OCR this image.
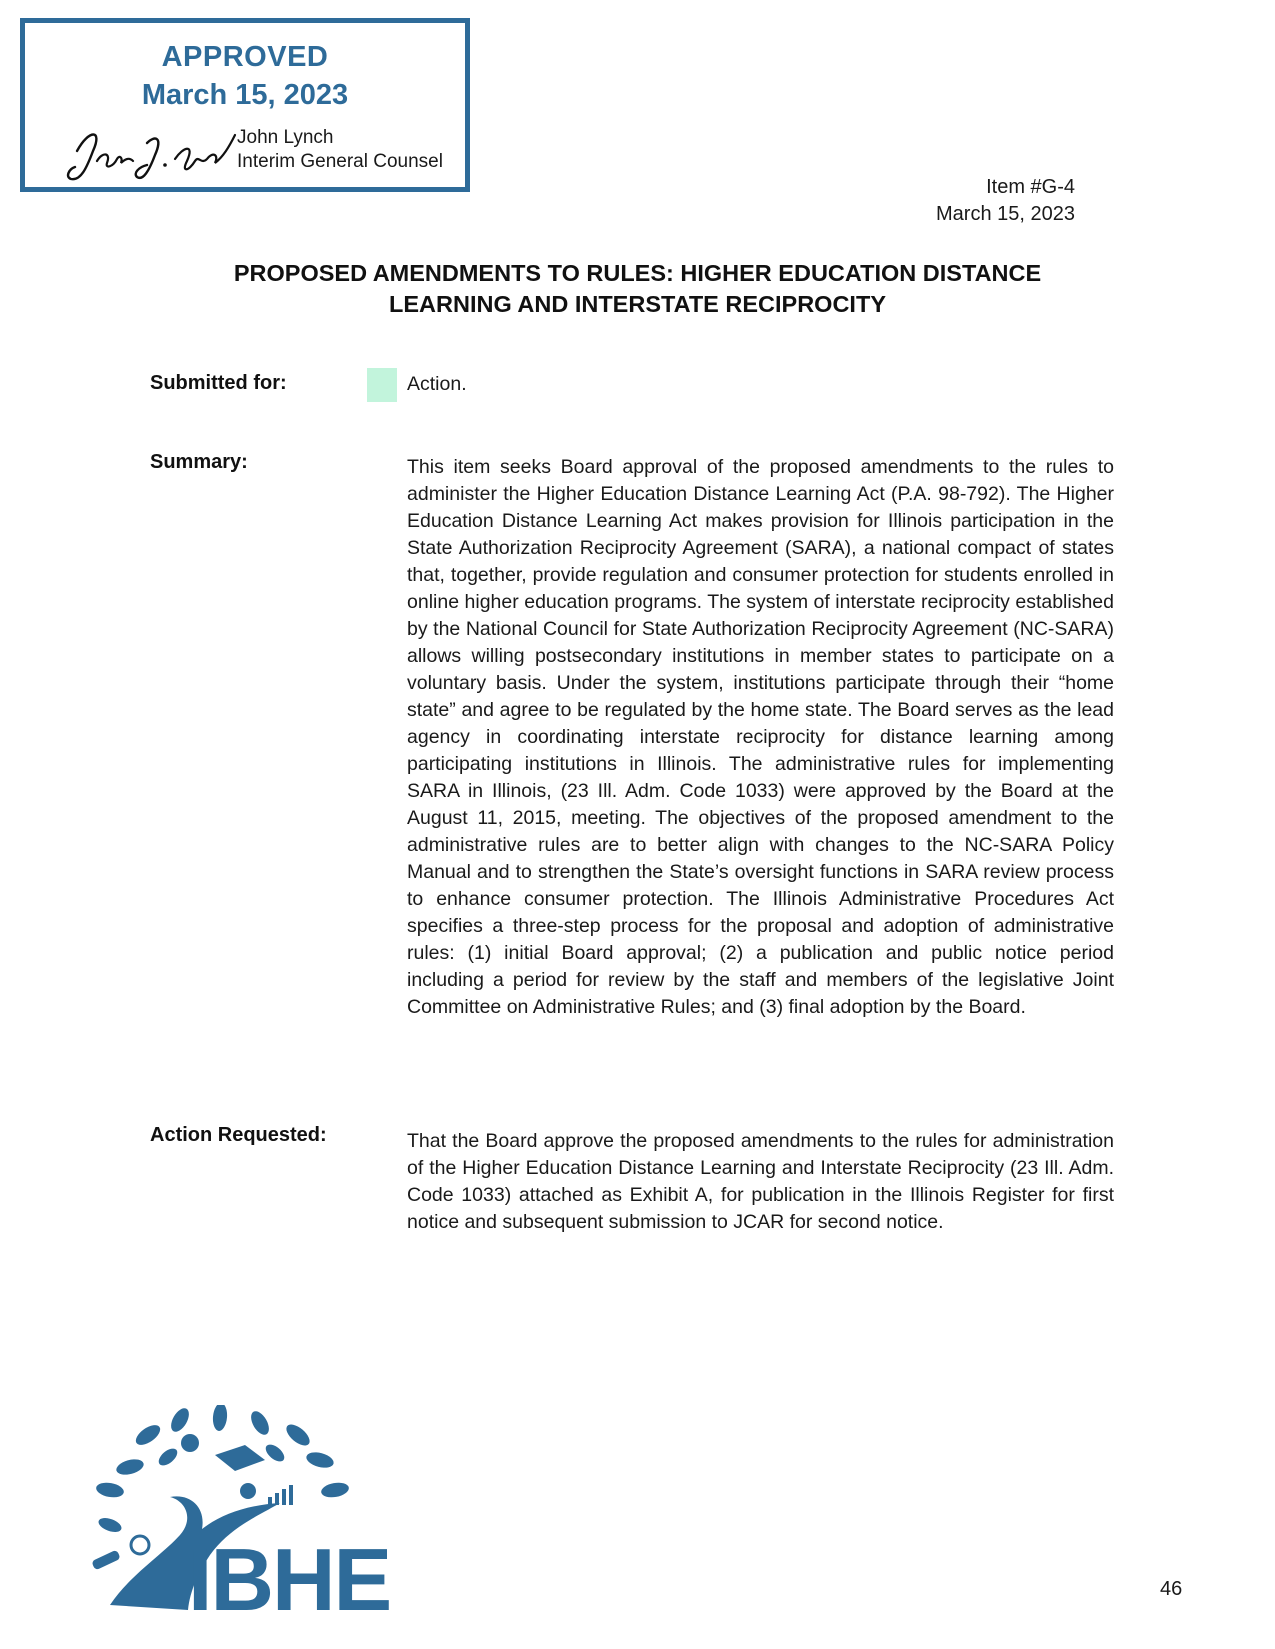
APPROVED
March 15, 2023
John Lynch
Interim General Counsel
Item #G-4
March 15, 2023
PROPOSED AMENDMENTS TO RULES: HIGHER EDUCATION DISTANCE
LEARNING AND INTERSTATE RECIPROCITY
Submitted for:	Action.
Summary:	This item seeks Board approval of the proposed amendments to the rules to administer the Higher Education Distance Learning Act (P.A. 98-792). The Higher Education Distance Learning Act makes provision for Illinois participation in the State Authorization Reciprocity Agreement (SARA), a national compact of states that, together, provide regulation and consumer protection for students enrolled in online higher education programs. The system of interstate reciprocity established by the National Council for State Authorization Reciprocity Agreement (NC-SARA) allows willing postsecondary institutions in member states to participate on a voluntary basis. Under the system, institutions participate through their “home state” and agree to be regulated by the home state. The Board serves as the lead agency in coordinating interstate reciprocity for distance learning among participating institutions in Illinois. The administrative rules for implementing SARA in Illinois, (23 Ill. Adm. Code 1033) were approved by the Board at the August 11, 2015, meeting. The objectives of the proposed amendment to the administrative rules are to better align with changes to the NC-SARA Policy Manual and to strengthen the State’s oversight functions in SARA review process to enhance consumer protection. The Illinois Administrative Procedures Act specifies a three-step process for the proposal and adoption of administrative rules: (1) initial Board approval; (2) a publication and public notice period including a period for review by the staff and members of the legislative Joint Committee on Administrative Rules; and (3) final adoption by the Board.
Action Requested:	That the Board approve the proposed amendments to the rules for administration of the Higher Education Distance Learning and Interstate Reciprocity (23 Ill. Adm. Code 1033) attached as Exhibit A, for publication in the Illinois Register for first notice and subsequent submission to JCAR for second notice.
IBHE	46
